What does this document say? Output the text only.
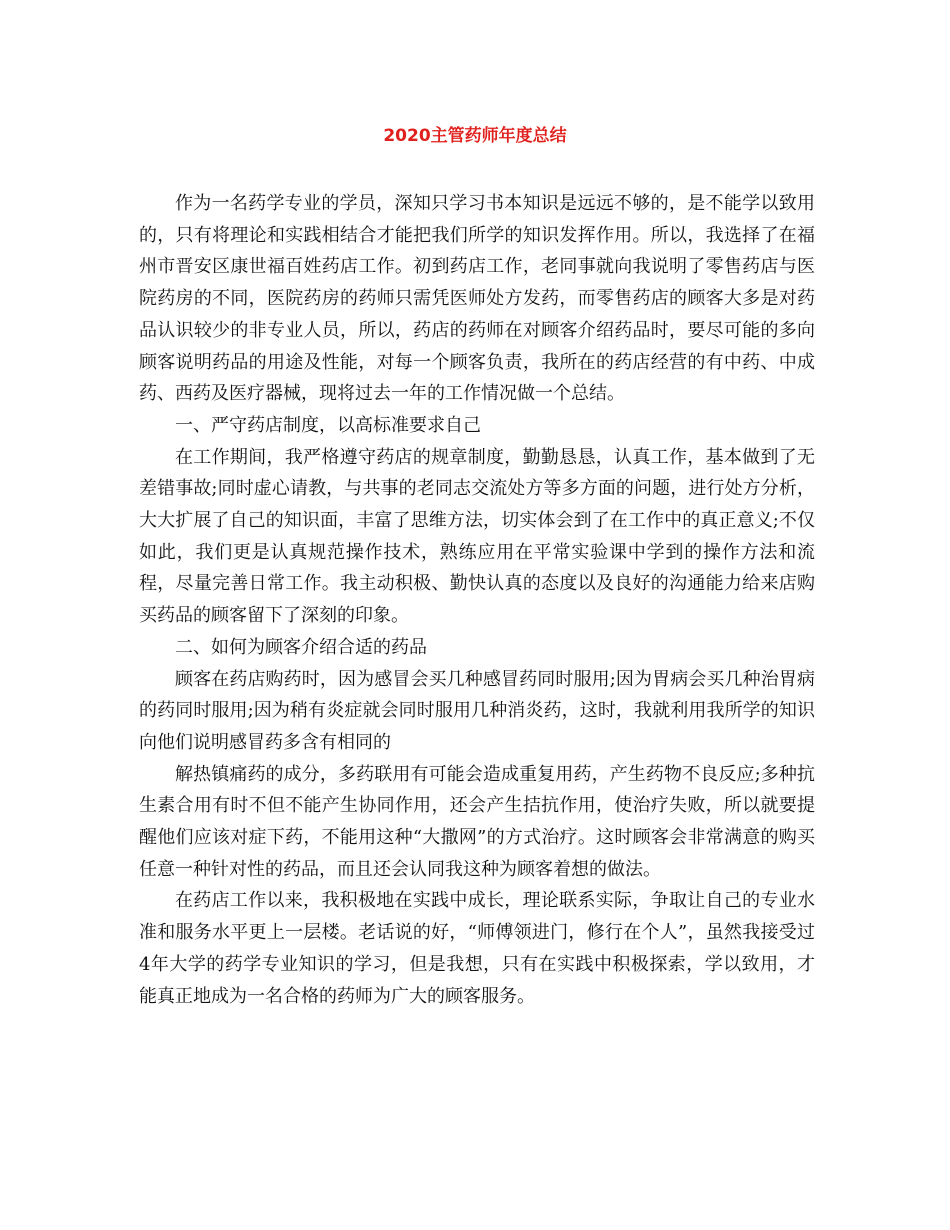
2020主管药师年度总结

作为一名药学专业的学员，深知只学习书本知识是远远不够的，是不能学以致用的，只有将理论和实践相结合才能把我们所学的知识发挥作用。所以，我选择了在福州市晋安区康世福百姓药店工作。初到药店工作，老同事就向我说明了零售药店与医院药房的不同，医院药房的药师只需凭医师处方发药，而零售药店的顾客大多是对药品认识较少的非专业人员，所以，药店的药师在对顾客介绍药品时，要尽可能的多向顾客说明药品的用途及性能，对每一个顾客负责，我所在的药店经营的有中药、中成药、西药及医疗器械，现将过去一年的工作情况做一个总结。

一、严守药店制度，以高标准要求自己

在工作期间，我严格遵守药店的规章制度，勤勤恳恳，认真工作，基本做到了无差错事故;同时虚心请教，与共事的老同志交流处方等多方面的问题，进行处方分析，大大扩展了自己的知识面，丰富了思维方法，切实体会到了在工作中的真正意义;不仅如此，我们更是认真规范操作技术，熟练应用在平常实验课中学到的操作方法和流程，尽量完善日常工作。我主动积极、勤快认真的态度以及良好的沟通能力给来店购买药品的顾客留下了深刻的印象。

二、如何为顾客介绍合适的药品

顾客在药店购药时，因为感冒会买几种感冒药同时服用;因为胃病会买几种治胃病的药同时服用;因为稍有炎症就会同时服用几种消炎药，这时，我就利用我所学的知识向他们说明感冒药多含有相同的

解热镇痛药的成分，多药联用有可能会造成重复用药，产生药物不良反应;多种抗生素合用有时不但不能产生协同作用，还会产生拮抗作用，使治疗失败，所以就要提醒他们应该对症下药，不能用这种“大撒网”的方式治疗。这时顾客会非常满意的购买任意一种针对性的药品，而且还会认同我这种为顾客着想的做法。

在药店工作以来，我积极地在实践中成长，理论联系实际，争取让自己的专业水准和服务水平更上一层楼。老话说的好，“师傅领进门，修行在个人”，虽然我接受过4年大学的药学专业知识的学习，但是我想，只有在实践中积极探索，学以致用，才能真正地成为一名合格的药师为广大的顾客服务。
